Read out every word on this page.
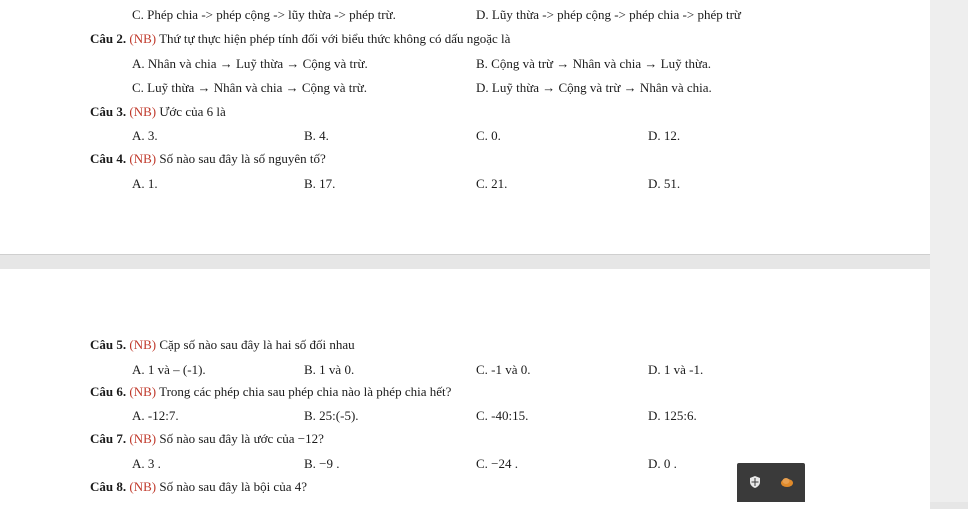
C. Phép chia -> phép cộng -> lũy thừa -> phép trừ.	D. Lũy thừa -> phép cộng -> phép chia -> phép trừ
Câu 2. (NB) Thứ tự thực hiện phép tính đối với biểu thức không có dấu ngoặc là
A. Nhân và chia → Luỹ thừa → Cộng và trừ.	B. Cộng và trừ → Nhân và chia → Luỹ thừa.
C. Luỹ thừa → Nhân và chia → Cộng và trừ.	D. Luỹ thừa → Cộng và trừ → Nhân và chia.
Câu 3. (NB) Ước của 6 là
A. 3.	B. 4.	C. 0.	D. 12.
Câu 4. (NB) Số nào sau đây là số nguyên tố?
A. 1.	B. 17.	C. 21.	D. 51.
Câu 5. (NB) Cặp số nào sau đây là hai số đối nhau
A. 1 và – (-1).	B. 1 và 0.	C. -1 và 0.	D. 1 và -1.
Câu 6. (NB) Trong các phép chia sau phép chia nào là phép chia hết?
A. -12:7.	B. 25:(-5).	C. -40:15.	D. 125:6.
Câu 7. (NB) Số nào sau đây là ước của −12?
A. 3 .	B. −9 .	C. −24 .	D. 0 .
Câu 8. (NB) Số nào sau đây là bội của 4?
